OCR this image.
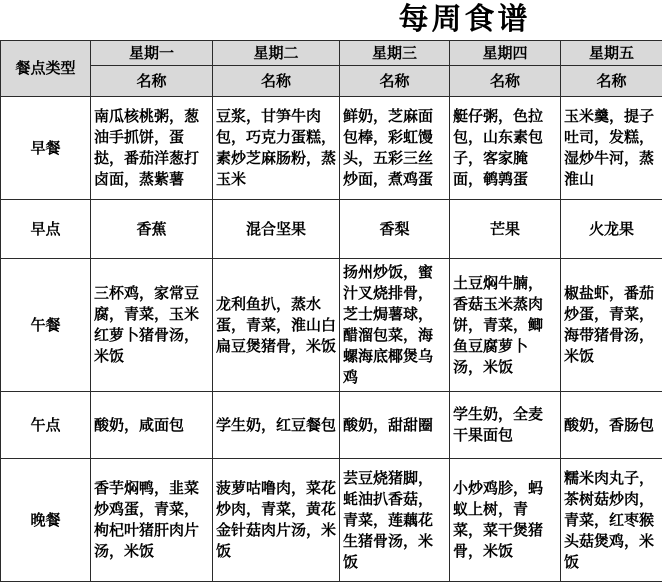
	每周食谱				
餐点类型	星期一	星期二	星期三	星期四	星期五
	名称	名称	名称	名称	名称
早餐	南瓜核桃粥，葱油手抓饼，蛋挞，番茄洋葱打卤面，蒸紫薯	豆浆，甘笋牛肉包，巧克力蛋糕，素炒芝麻肠粉，蒸玉米	鲜奶，芝麻面包棒，彩虹馒头，五彩三丝炒面，煮鸡蛋	艇仔粥，色拉包，山东素包子，客家腌面，鹌鹑蛋	玉米羹，提子吐司，发糕，湿炒牛河，蒸淮山
早点	香蕉	混合坚果	香梨	芒果	火龙果
午餐	三杯鸡，家常豆腐，青菜，玉米红萝卜猪骨汤，米饭	龙利鱼扒，蒸水蛋，青菜，淮山白扁豆煲猪骨，米饭	扬州炒饭，蜜汁叉烧排骨，芝士焗薯球，醋溜包菜，海螺海底椰煲乌鸡	土豆焖牛腩，香菇玉米蒸肉饼，青菜，鲫鱼豆腐萝卜汤，米饭	椒盐虾，番茄炒蛋，青菜，海带猪骨汤，米饭
午点	酸奶，咸面包	学生奶，红豆餐包	酸奶，甜甜圈	学生奶，全麦干果面包	酸奶，香肠包
晚餐	香芋焖鸭，韭菜炒鸡蛋，青菜，枸杞叶猪肝肉片汤，米饭	菠萝咕噜肉，菜花炒肉，青菜，黄花金针菇肉片汤，米饭	芸豆烧猪脚，蚝油扒香菇，青菜，莲藕花生猪骨汤，米饭	小炒鸡胗，蚂蚁上树，青菜，菜干煲猪骨，米饭	糯米肉丸子，茶树菇炒肉，青菜，红枣猴头菇煲鸡，米饭
